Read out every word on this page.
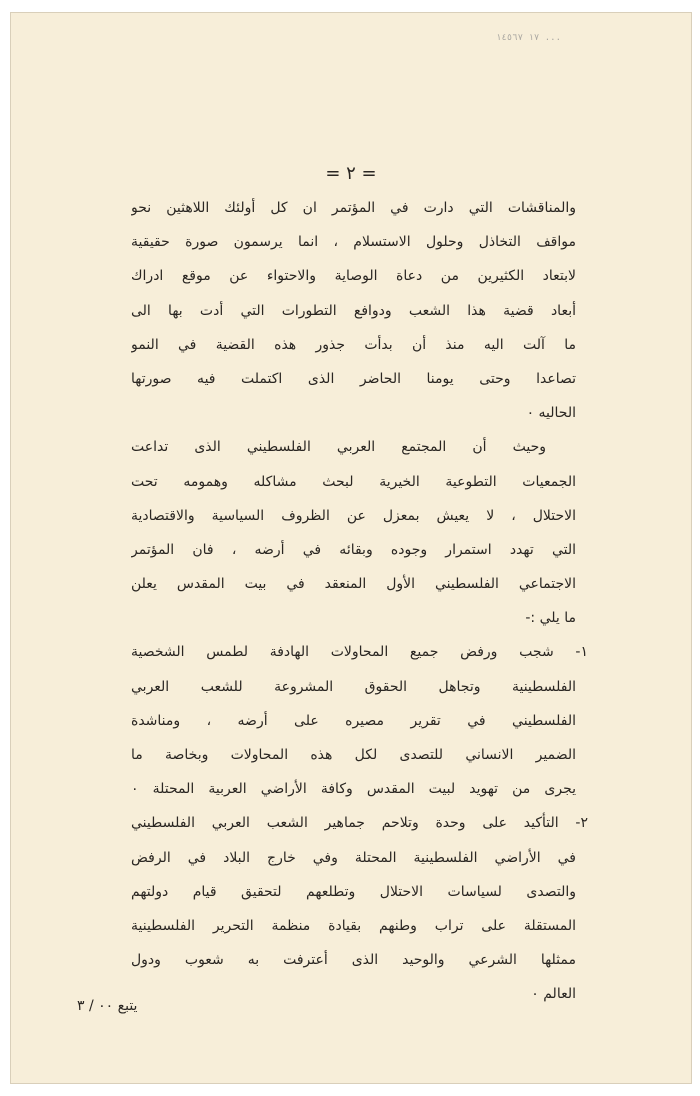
١٧ ١٤٥٦٧ ...
= ٢ =
والمناقشات التي دارت في المؤتمر ان كل أولئك اللاهثين نحو
مواقف التخاذل وحلول الاستسلام ، انما يرسمون صورة حقيقية
لابتعاد الكثيرين من دعاة الوصاية والاحتواء عن موقع ادراك
أبعاد قضية هذا الشعب ودوافع التطورات التي أدت بها الى
ما آلت اليه منذ أن بدأت جذور هذه القضية في النمو
تصاعدا وحتى يومنا الحاضر الذى اكتملت فيه صورتها
الحاليه ٠
وحيث أن المجتمع العربي الفلسطيني الذى تداعت
الجمعيات التطوعية الخيرية لبحث مشاكله وهمومه تحت
الاحتلال ، لا يعيش بمعزل عن الظروف السياسية والاقتصادية
التي تهدد استمرار وجوده وبقائه في أرضه ، فان المؤتمر
الاجتماعي الفلسطيني الأول المنعقد في بيت المقدس يعلن
ما يلي :-
١- شجب ورفض جميع المحاولات الهادفة لطمس الشخصية
الفلسطينية وتجاهل الحقوق المشروعة للشعب العربي
الفلسطيني في تقرير مصيره على أرضه ، ومناشدة
الضمير الانساني للتصدى لكل هذه المحاولات وبخاصة ما
يجرى من تهويد لبيت المقدس وكافة الأراضي العربية المحتلة ٠
٢- التأكيد على وحدة وتلاحم جماهير الشعب العربي الفلسطيني
في الأراضي الفلسطينية المحتلة وفي خارج البلاد في الرفض
والتصدى لسياسات الاحتلال وتطلعهم لتحقيق قيام دولتهم
المستقلة على تراب وطنهم بقيادة منظمة التحرير الفلسطينية
ممثلها الشرعي والوحيد الذى أعترفت به شعوب ودول
العالم ٠
يتبع ٠٠ / ٣
